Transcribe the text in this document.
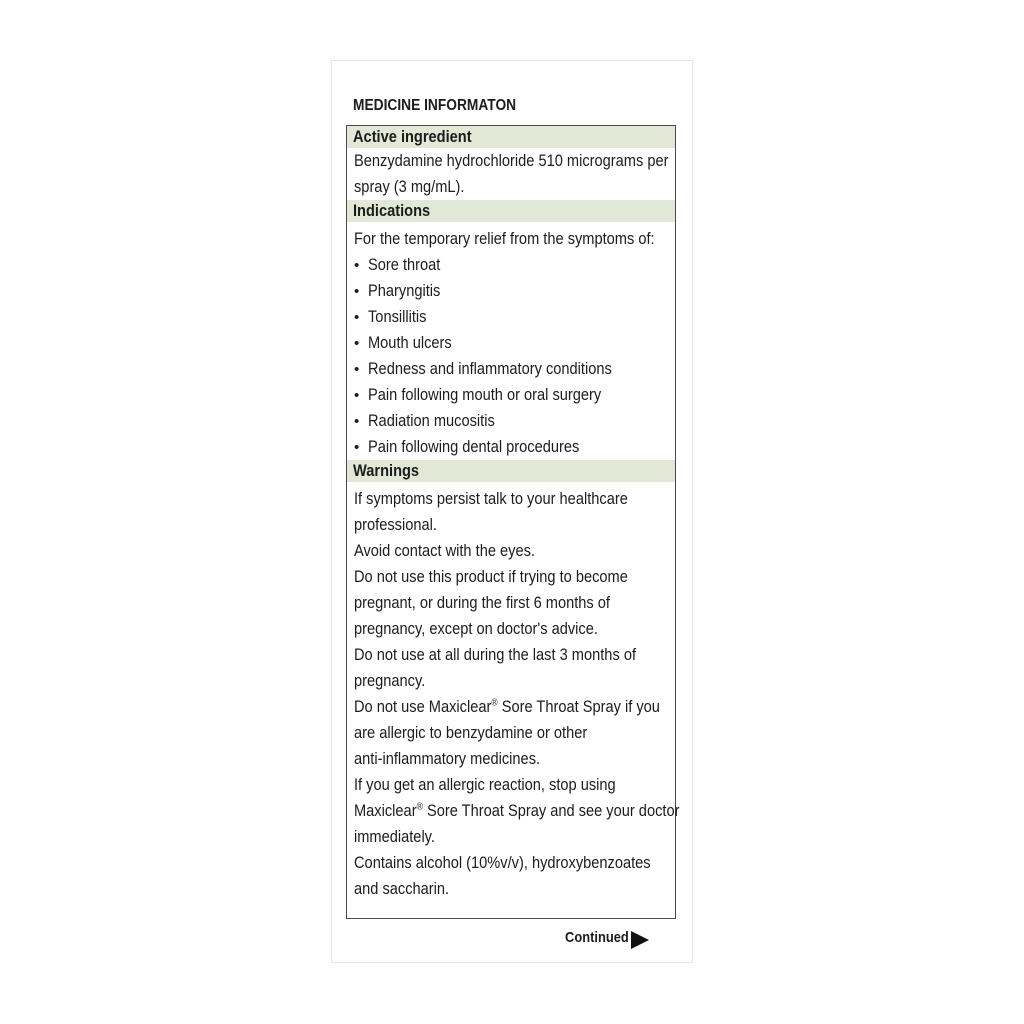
MEDICINE INFORMATON
Active ingredient
Benzydamine hydrochloride 510 micrograms per
spray (3 mg/mL).
Indications
For the temporary relief from the symptoms of:
• Sore throat
• Pharyngitis
• Tonsillitis
• Mouth ulcers
• Redness and inflammatory conditions
• Pain following mouth or oral surgery
• Radiation mucositis
• Pain following dental procedures
Warnings
If symptoms persist talk to your healthcare
professional.
Avoid contact with the eyes.
Do not use this product if trying to become
pregnant, or during the first 6 months of
pregnancy, except on doctor's advice.
Do not use at all during the last 3 months of
pregnancy.
Do not use Maxiclear® Sore Throat Spray if you
are allergic to benzydamine or other
anti-inflammatory medicines.
If you get an allergic reaction, stop using
Maxiclear® Sore Throat Spray and see your doctor
immediately.
Contains alcohol (10%v/v), hydroxybenzoates
and saccharin.
Continued
